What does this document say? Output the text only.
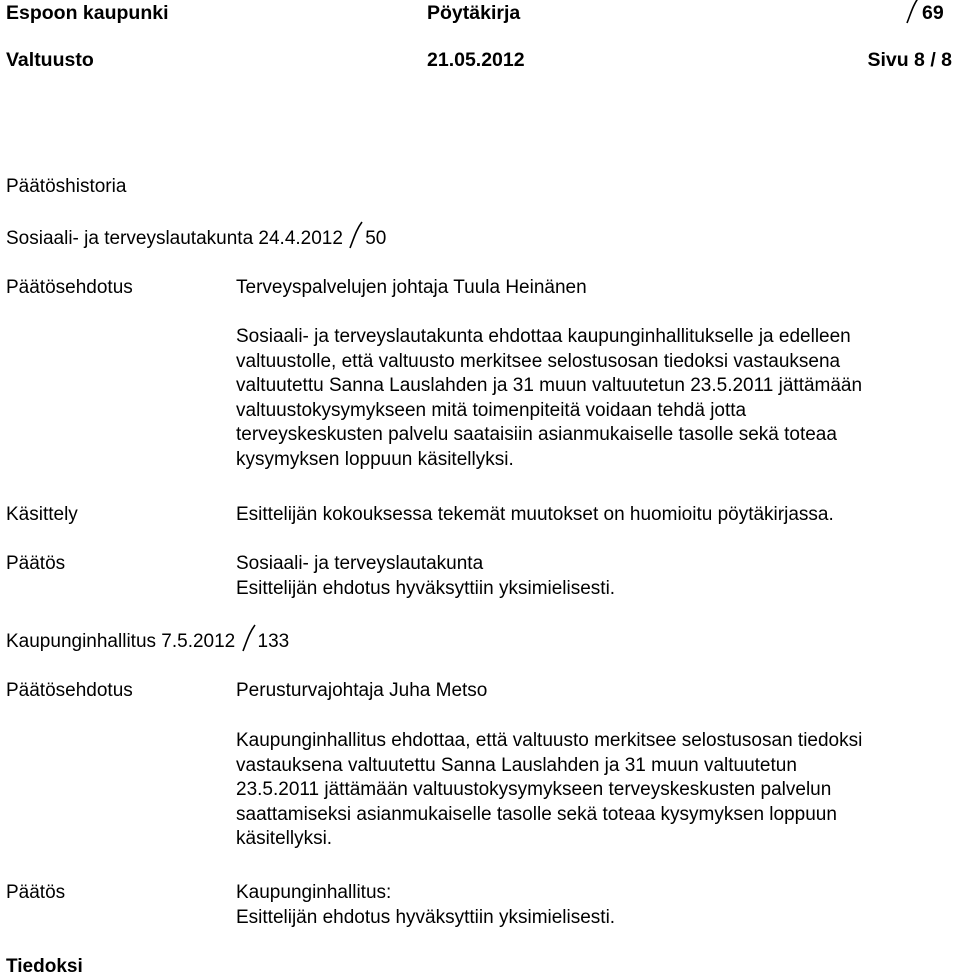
Espoon kaupunki	Pöytäkirja	69
Valtuusto	21.05.2012	Sivu 8 / 8
Päätöshistoria
Sosiaali- ja terveyslautakunta 24.4.2012 50
Päätösehdotus	Terveyspalvelujen johtaja Tuula Heinänen
Sosiaali- ja terveyslautakunta ehdottaa kaupunginhallitukselle ja edelleen
valtuustolle, että valtuusto merkitsee selostusosan tiedoksi vastauksena
valtuutettu Sanna Lauslahden ja 31 muun valtuutetun 23.5.2011 jättämään
valtuustokysymykseen mitä toimenpiteitä voidaan tehdä jotta
terveyskeskusten palvelu saataisiin asianmukaiselle tasolle sekä toteaa
kysymyksen loppuun käsitellyksi.
Käsittely	Esittelijän kokouksessa tekemät muutokset on huomioitu pöytäkirjassa.
Päätös	Sosiaali- ja terveyslautakunta
Esittelijän ehdotus hyväksyttiin yksimielisesti.
Kaupunginhallitus 7.5.2012 133
Päätösehdotus	Perusturvajohtaja Juha Metso
Kaupunginhallitus ehdottaa, että valtuusto merkitsee selostusosan tiedoksi
vastauksena valtuutettu Sanna Lauslahden ja 31 muun valtuutetun
23.5.2011 jättämään valtuustokysymykseen terveyskeskusten palvelun
saattamiseksi asianmukaiselle tasolle sekä toteaa kysymyksen loppuun
käsitellyksi.
Päätös	Kaupunginhallitus:
Esittelijän ehdotus hyväksyttiin yksimielisesti.
Tiedoksi
